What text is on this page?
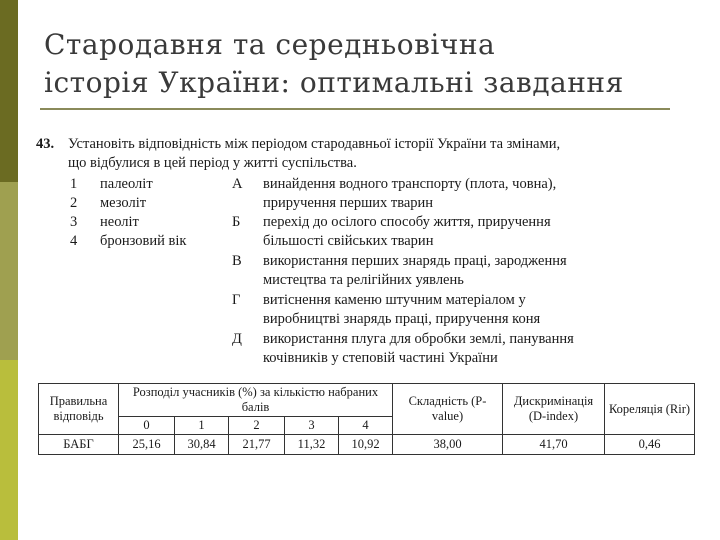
Стародавня та середньовічна
історія України: оптимальні завдання
43. Установіть відповідність між періодом стародавньої історії України та змінами,
що відбулися в цей період у житті суспільства.
1	палеоліт
2	мезоліт
3	неоліт
4	бронзовий вік
А	винайдення водного транспорту (плота, човна),
приручення перших тварин
Б	перехід до осілого способу життя, приручення
більшості свійських тварин
В	використання перших знарядь праці, зародження
мистецтва та релігійних уявлень
Г	витіснення каменю штучним матеріалом у
виробництві знарядь праці, приручення коня
Д	використання плуга для обробки землі, панування
кочівників у степовій частині України
Правильна відповідь	Розподіл учасників (%) за кількістю набраних балів					Складність (P-value)	Дискримінація (D-index)	Кореляція (Rir)
	0	1	2	3	4			
БАБГ	25,16	30,84	21,77	11,32	10,92	38,00	41,70	0,46
